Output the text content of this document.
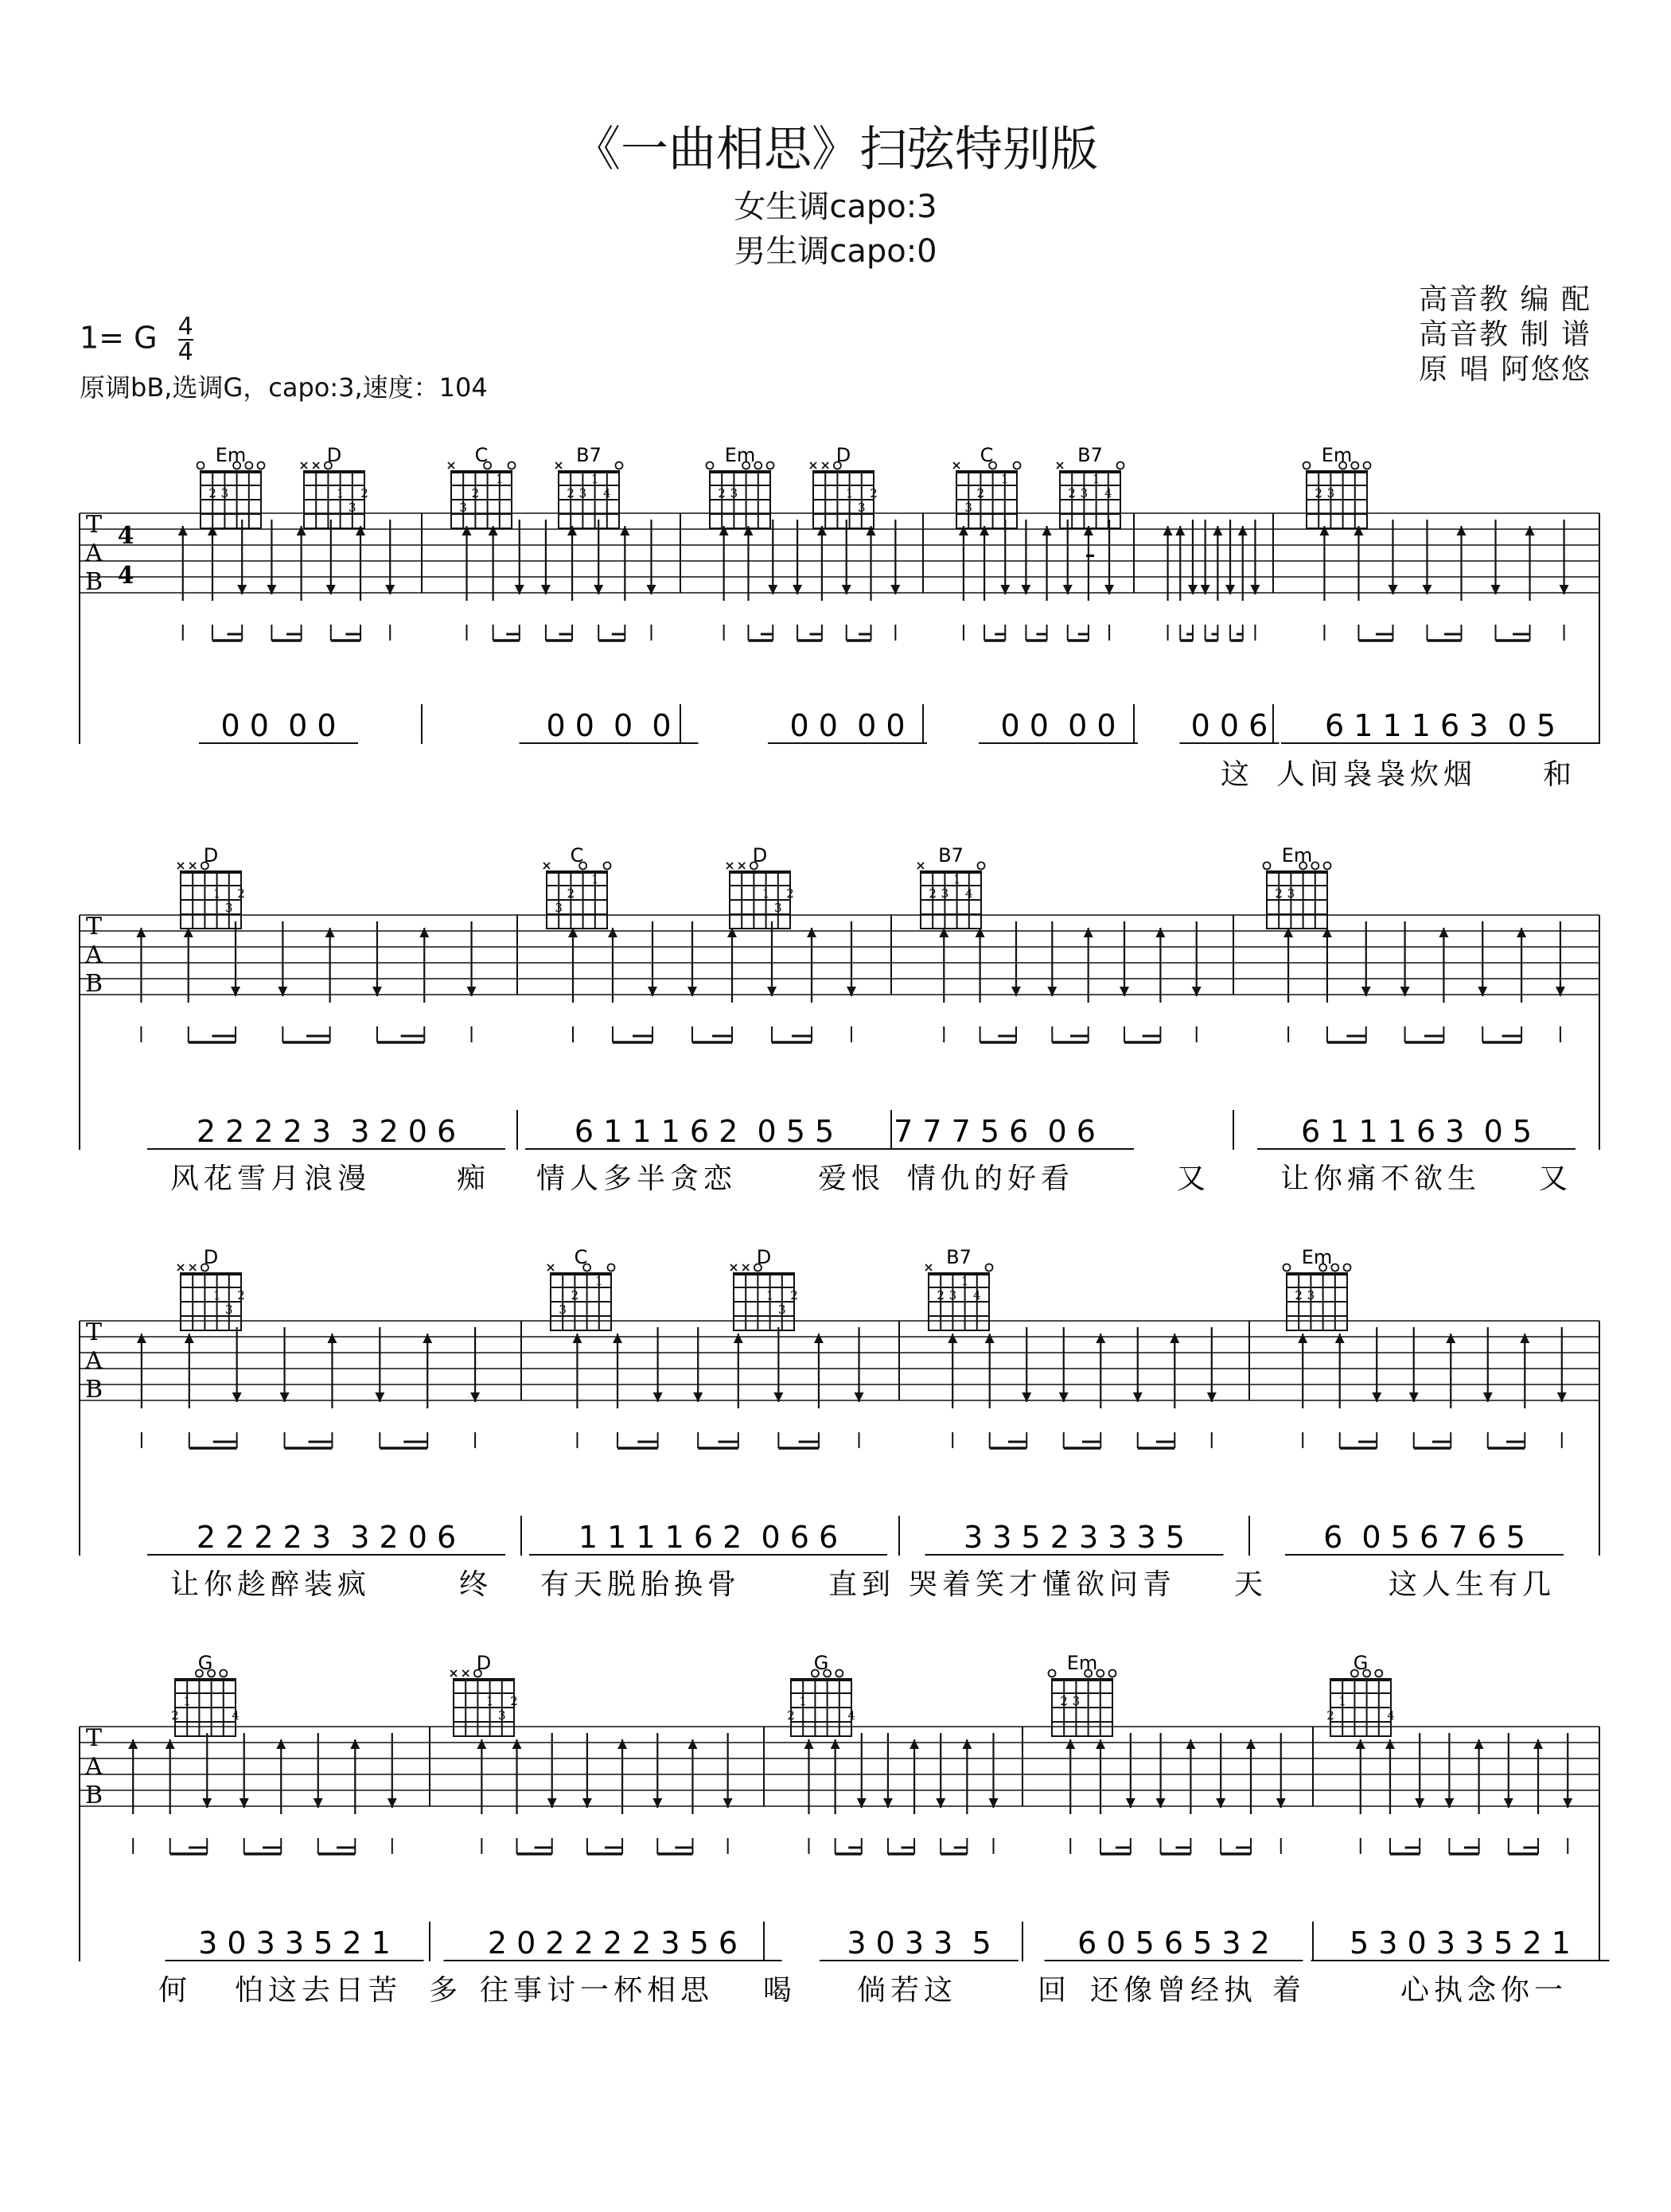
《一曲相思》扫弦特别版
女生调capo:3
男生调capo:0
高音教 编 配
高音教 制 谱
原 唱 阿悠悠
1= G $\frac{4}{4}$
原调bB,选调G，capo:3,速度：104
T
A
B
4
4
-
2 3
Em
1 2
3
D
1
2
3
C
1
2 3 4
B7
2 3
Em
1 2
3
D
1
2
3
C
1
2 3 4
B7
2 3
Em
0 0  0 0	0 0  0  0	0 0  0 0	0 0  0 0 0 0 6 6 1 1 1 6 3  0 5
这 人间袅袅炊烟 和
T
A
B
1 2
3
D
1
2
3
C
1 2
3
D
1
2 3 4
B7
2 3
Em
2 2 2 2 3  3 2 0 6	6 1 1 1 6 2  0 5 5 7 7 7 5 6  0 6	6 1 1 1 6 3  0 5
风花雪月浪漫	痴 情人多半贪恋	爱恨 情仇的好看	又 让你痛不欲生 又
T
A
B
1 2
3
D
1
2
3
C
1 2
3
D
1
2 3 4
B7
2 3
Em
2 2 2 2 3  3 2 0 6	1 1 1 1 6 2  0 6 6	3 3 5 2 3 3 3 5	6  0 5 6 7 6 5
让你趁醉装疯	终 有天脱胎换骨	直到 哭着笑才懂欲问青 天	这人生有几
T
A
B
1
2	4
G
1 2
3
D
1
2	4
G
2 3
Em
1
2	4
G
3 0 3 3 5 2 1	2 0 2 2 2 2 3 5 6	3 0 3 3  5	6 0 5 6 5 3 2	5 3 0 3 3 5 2 1
何 怕这去日苦 多 往事讨一杯相思 喝 倘若这	回 还像曾经执 着	心执念你一
